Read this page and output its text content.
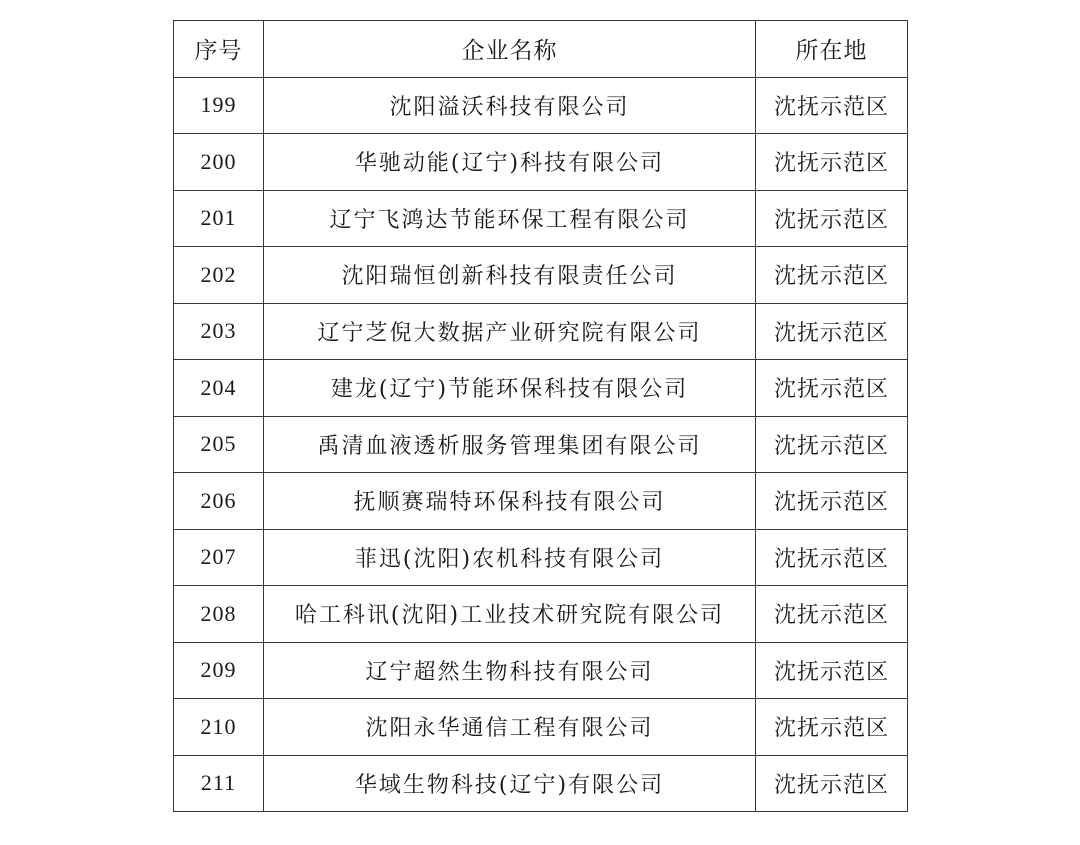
序号	企业名称	所在地
199	沈阳溢沃科技有限公司	沈抚示范区
200	华驰动能(辽宁)科技有限公司	沈抚示范区
201	辽宁飞鸿达节能环保工程有限公司	沈抚示范区
202	沈阳瑞恒创新科技有限责任公司	沈抚示范区
203	辽宁芝倪大数据产业研究院有限公司	沈抚示范区
204	建龙(辽宁)节能环保科技有限公司	沈抚示范区
205	禹清血液透析服务管理集团有限公司	沈抚示范区
206	抚顺赛瑞特环保科技有限公司	沈抚示范区
207	菲迅(沈阳)农机科技有限公司	沈抚示范区
208	哈工科讯(沈阳)工业技术研究院有限公司	沈抚示范区
209	辽宁超然生物科技有限公司	沈抚示范区
210	沈阳永华通信工程有限公司	沈抚示范区
211	华域生物科技(辽宁)有限公司	沈抚示范区
